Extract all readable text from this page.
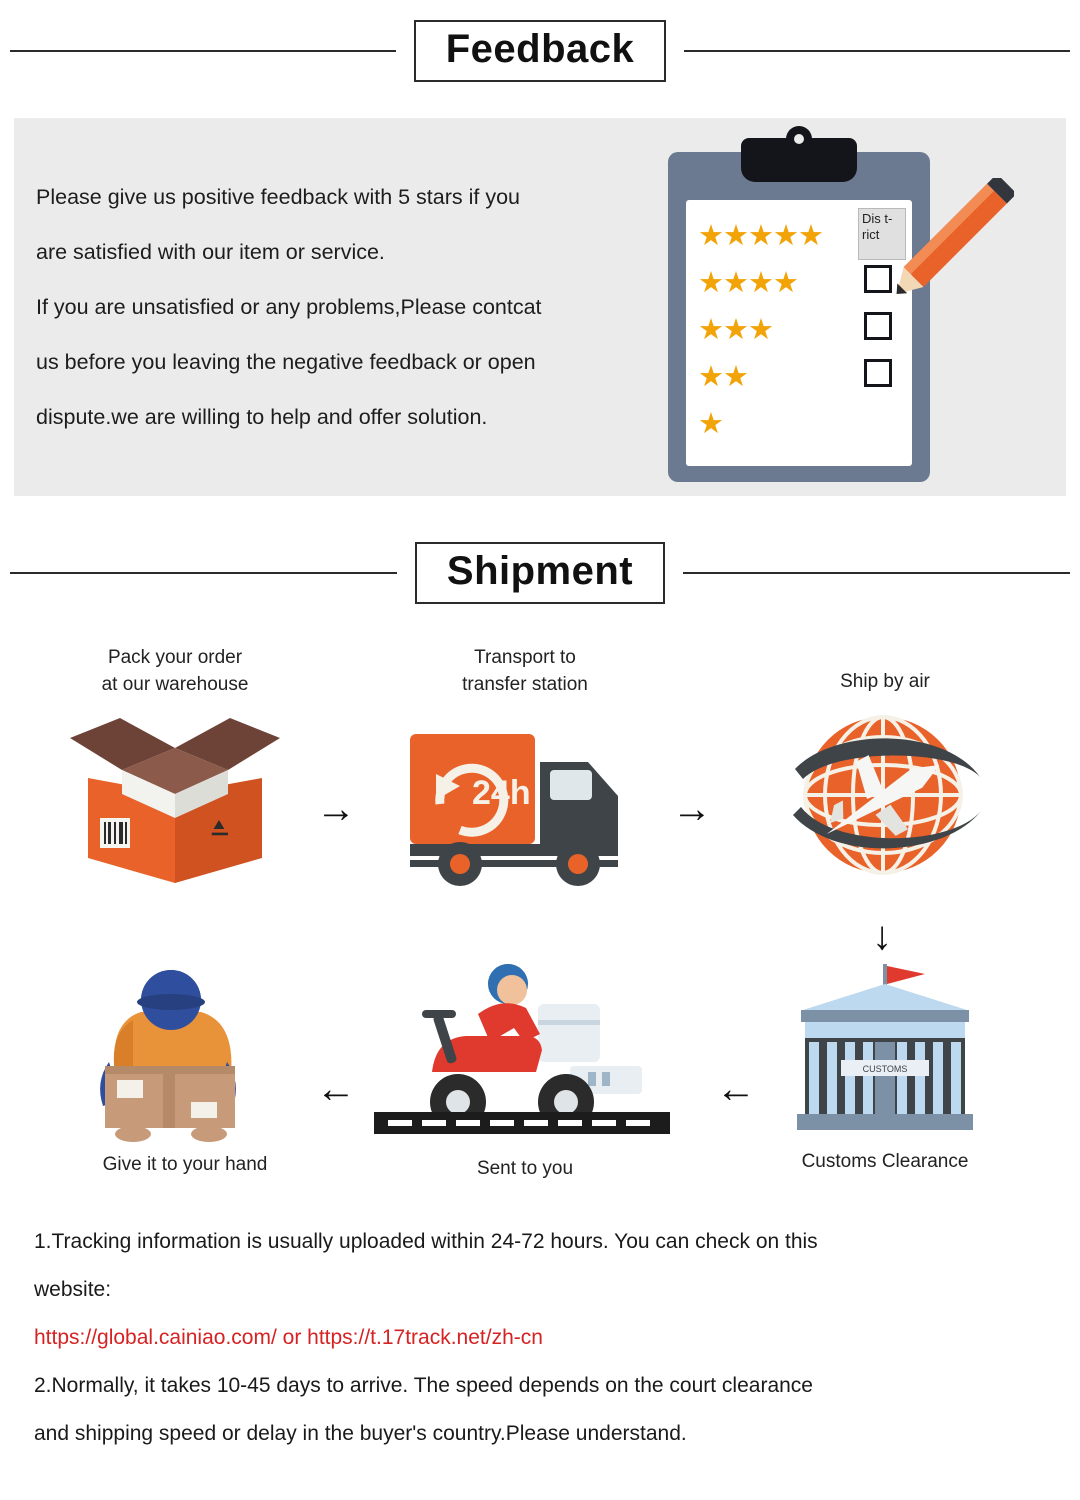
Feedback

Please give us positive feedback with 5 stars if you

are satisfied with our item or service.

If you are unsatisfied or any problems,Please contcat

us before you leaving the negative feedback or open

dispute.we are willing to help and offer solution.

★★★★★
★★★★
★★★
★★
★
Dis t- rict
Shipment
Pack your order
at our warehouse
→
Transport to
transfer station
24h	→
Ship by air
↓
CUSTOMS
Customs Clearance
←
Sent to you
←
Give it to your hand

1.Tracking information is usually uploaded within 24-72 hours. You can check on this

website:

https://global.cainiao.com/ or https://t.17track.net/zh-cn

2.Normally, it takes 10-45 days to arrive. The speed depends on the court clearance

and shipping speed or delay in the buyer's country.Please understand.
